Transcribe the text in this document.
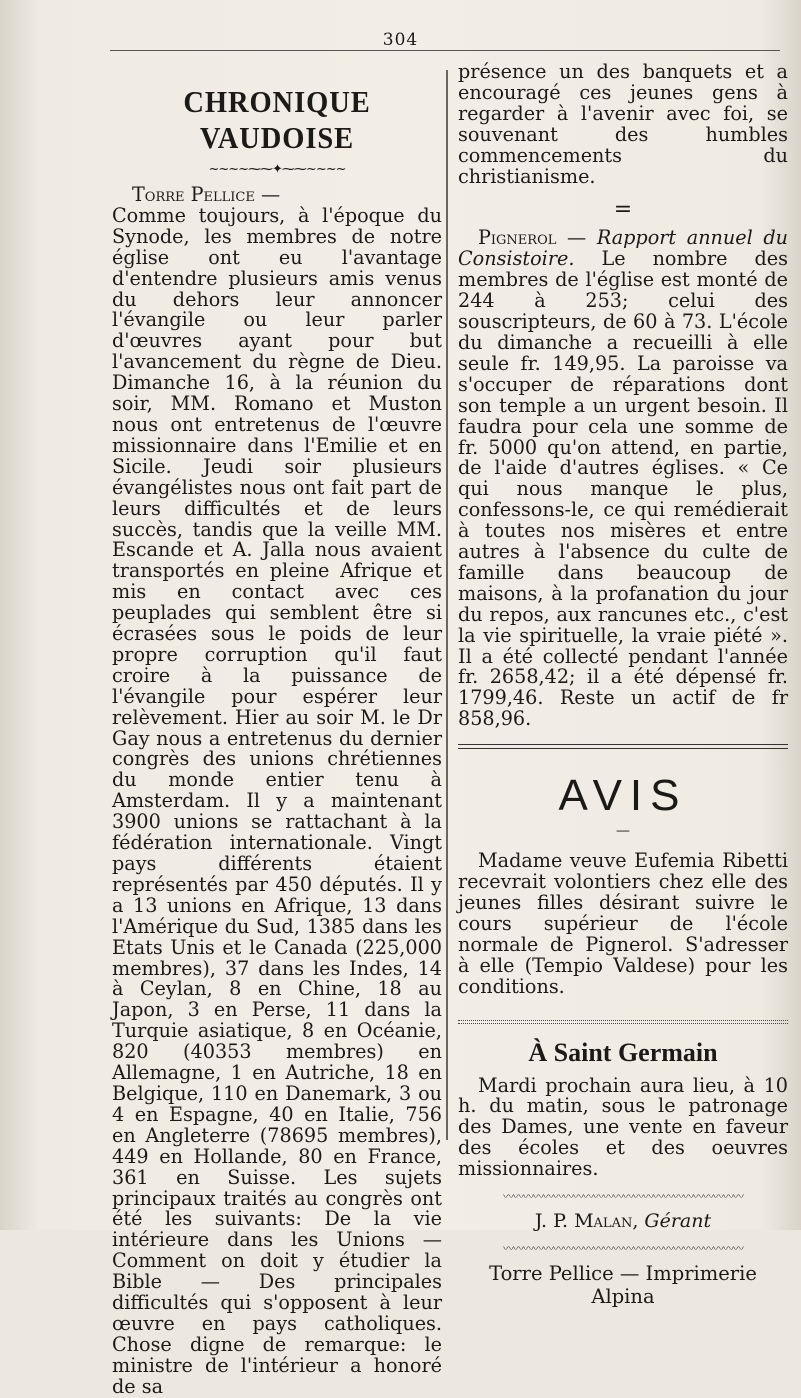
304
CHRONIQUE VAUDOISE
~~~~⁓⁓✦⁓⁓~~~~

Torre Pellice —
Comme toujours, à l'époque du Synode, les membres de notre église ont eu l'avantage d'entendre plusieurs amis venus du dehors leur annoncer l'évangile ou leur parler d'œuvres ayant pour but l'avancement du règne de Dieu. Dimanche 16, à la réunion du soir, MM. Romano et Muston nous ont entretenus de l'œuvre missionnaire dans l'Emilie et en Sicile. Jeudi soir plusieurs évangélistes nous ont fait part de leurs difficultés et de leurs succès, tandis que la veille MM. Escande et A. Jalla nous avaient transportés en pleine Afrique et mis en contact avec ces peuplades qui semblent être si écrasées sous le poids de leur propre corruption qu'il faut croire à la puissance de l'évangile pour espérer leur relèvement. Hier au soir M. le Dr Gay nous a entretenus du dernier congrès des unions chrétiennes du monde entier tenu à Amsterdam. Il y a maintenant 3900 unions se rattachant à la fédération internationale. Vingt pays différents étaient représentés par 450 députés. Il y a 13 unions en Afrique, 13 dans l'Amérique du Sud, 1385 dans les Etats Unis et le Canada (225,000 membres), 37 dans les Indes, 14 à Ceylan, 8 en Chine, 18 au Japon, 3 en Perse, 11 dans la Turquie asiatique, 8 en Océanie, 820 (40353 membres) en Allemagne, 1 en Autriche, 18 en Belgique, 110 en Danemark, 3 ou 4 en Espagne, 40 en Italie, 756 en Angleterre (78695 membres), 449 en Hollande, 80 en France, 361 en Suisse. Les sujets principaux traités au congrès ont été les suivants: De la vie intérieure dans les Unions — Comment on doit y étudier la Bible — Des principales difficultés qui s'opposent à leur œuvre en pays catholiques. Chose digne de remarque: le ministre de l'intérieur a honoré de sa

présence un des banquets et a encouragé ces jeunes gens à regarder à l'avenir avec foi, se souvenant des humbles commencements du christianisme.

=

Pignerol — Rapport annuel du Consistoire. Le nombre des membres de l'église est monté de 244 à 253; celui des souscripteurs, de 60 à 73. L'école du dimanche a recueilli à elle seule fr. 149,95. La paroisse va s'occuper de réparations dont son temple a un urgent besoin. Il faudra pour cela une somme de fr. 5000 qu'on attend, en partie, de l'aide d'autres églises. « Ce qui nous manque le plus, confessons-le, ce qui remédierait à toutes nos misères et entre autres à l'absence du culte de famille dans beaucoup de maisons, à la profanation du jour du repos, aux rancunes etc., c'est la vie spirituelle, la vraie piété ». Il a été collecté pendant l'année fr. 2658,42; il a été dépensé fr. 1799,46. Reste un actif de fr 858,96.

AVIS
—

Madame veuve Eufemia Ribetti recevrait volontiers chez elle des jeunes filles désirant suivre le cours supérieur de l'école normale de Pignerol. S'adresser à elle (Tempio Valdese) pour les conditions.

À Saint Germain

Mardi prochain aura lieu, à 10 h. du matin, sous le patronage des Dames, une vente en faveur des écoles et des oeuvres missionnaires.

〰〰〰〰〰〰〰〰〰〰〰〰〰〰〰〰〰〰〰〰〰〰〰〰
J. P. Malan, Gérant
〰〰〰〰〰〰〰〰〰〰〰〰〰〰〰〰〰〰〰〰〰〰〰〰
Torre Pellice — Imprimerie Alpina
